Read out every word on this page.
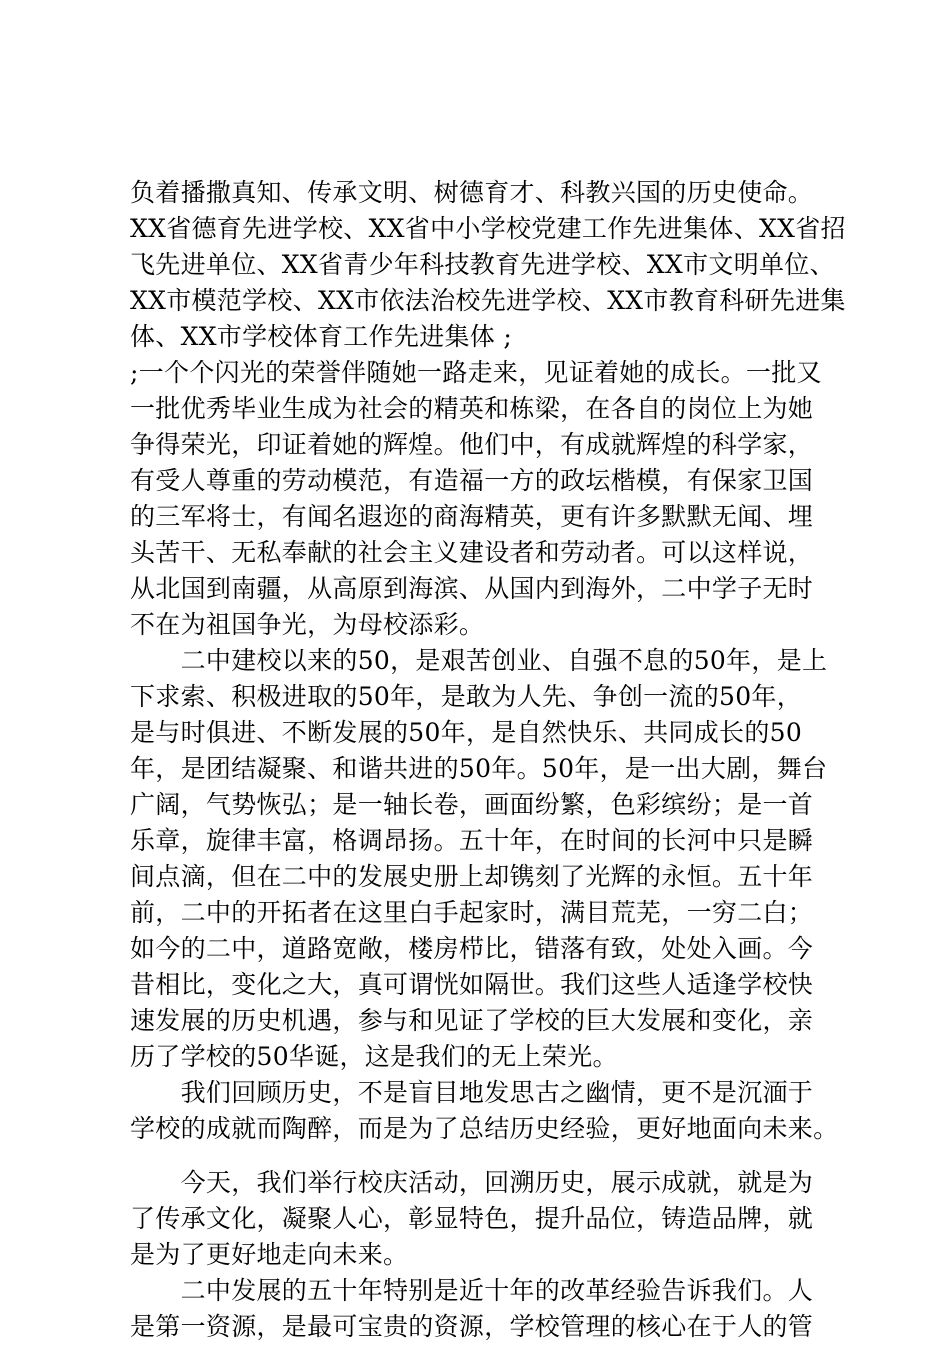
负着播撒真知、传承文明、树德育才、科教兴国的历史使命。
XX省德育先进学校、XX省中小学校党建工作先进集体、XX省招
飞先进单位、XX省青少年科技教育先进学校、XX市文明单位、
XX市模范学校、XX市依法治校先进学校、XX市教育科研先进集
体、XX市学校体育工作先进集体 ;
;一个个闪光的荣誉伴随她一路走来，见证着她的成长。一批又
一批优秀毕业生成为社会的精英和栋梁，在各自的岗位上为她
争得荣光，印证着她的辉煌。他们中，有成就辉煌的科学家，
有受人尊重的劳动模范，有造福一方的政坛楷模，有保家卫国
的三军将士，有闻名遐迩的商海精英，更有许多默默无闻、埋
头苦干、无私奉献的社会主义建设者和劳动者。可以这样说，
从北国到南疆，从高原到海滨、从国内到海外，二中学子无时
不在为祖国争光，为母校添彩。
　　二中建校以来的50，是艰苦创业、自强不息的50年，是上
下求索、积极进取的50年，是敢为人先、争创一流的50年，
是与时俱进、不断发展的50年，是自然快乐、共同成长的50
年，是团结凝聚、和谐共进的50年。50年，是一出大剧，舞台
广阔，气势恢弘；是一轴长卷，画面纷繁，色彩缤纷；是一首
乐章，旋律丰富，格调昂扬。五十年，在时间的长河中只是瞬
间点滴，但在二中的发展史册上却镌刻了光辉的永恒。五十年
前，二中的开拓者在这里白手起家时，满目荒芜，一穷二白；
如今的二中，道路宽敞，楼房栉比，错落有致，处处入画。今
昔相比，变化之大，真可谓恍如隔世。我们这些人适逢学校快
速发展的历史机遇，参与和见证了学校的巨大发展和变化，亲
历了学校的50华诞，这是我们的无上荣光。
　　我们回顾历史，不是盲目地发思古之幽情，更不是沉湎于
学校的成就而陶醉，而是为了总结历史经验，更好地面向未来。
　　今天，我们举行校庆活动，回溯历史，展示成就，就是为
了传承文化，凝聚人心，彰显特色，提升品位，铸造品牌，就
是为了更好地走向未来。
　　二中发展的五十年特别是近十年的改革经验告诉我们。人
是第一资源，是最可宝贵的资源，学校管理的核心在于人的管
